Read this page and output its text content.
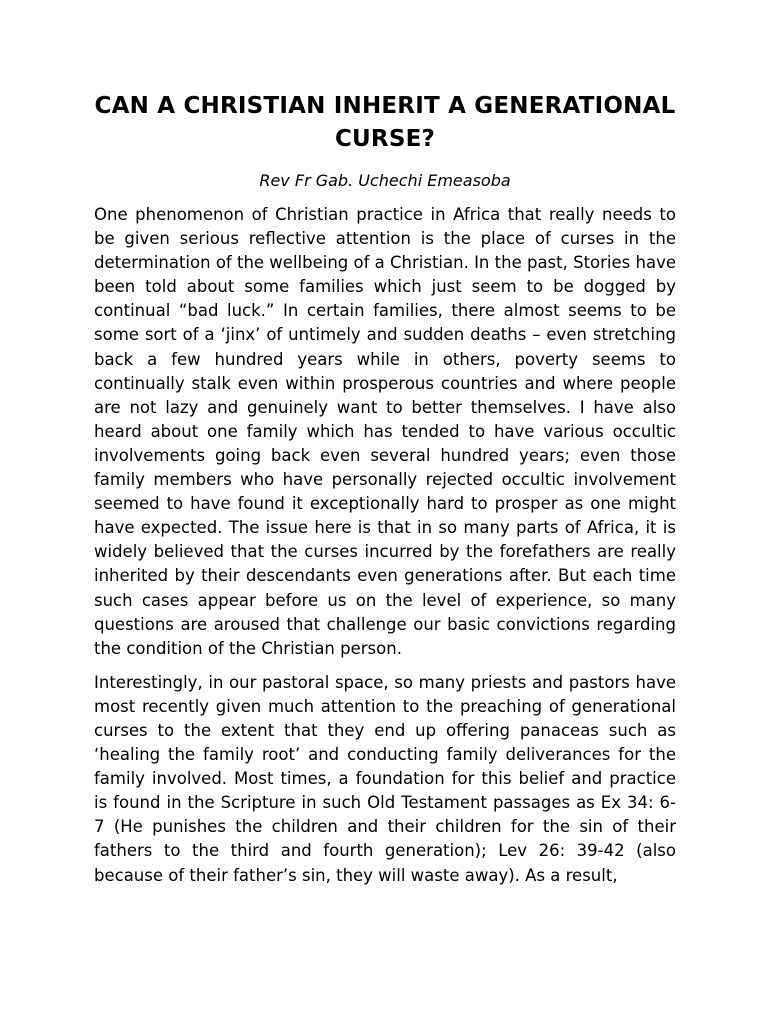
CAN A CHRISTIAN INHERIT A GENERATIONAL CURSE?
Rev Fr Gab. Uchechi Emeasoba

One phenomenon of Christian practice in Africa that really needs to be given serious reflective attention is the place of curses in the determination of the wellbeing of a Christian. In the past, Stories have been told about some families which just seem to be dogged by continual “bad luck.” In certain families, there almost seems to be some sort of a ‘jinx’ of untimely and sudden deaths – even stretching back a few hundred years while in others, poverty seems to continually stalk even within prosperous countries and where people are not lazy and genuinely want to better themselves. I have also heard about one family which has tended to have various occultic involvements going back even several hundred years; even those family members who have personally rejected occultic involvement seemed to have found it exceptionally hard to prosper as one might have expected. The issue here is that in so many parts of Africa, it is widely believed that the curses incurred by the forefathers are really inherited by their descendants even generations after. But each time such cases appear before us on the level of experience, so many questions are aroused that challenge our basic convictions regarding the condition of the Christian person.

Interestingly, in our pastoral space, so many priests and pastors have most recently given much attention to the preaching of generational curses to the extent that they end up offering panaceas such as ‘healing the family root’ and conducting family deliverances for the family involved. Most times, a foundation for this belief and practice is found in the Scripture in such Old Testament passages as Ex 34: 6-7 (He punishes the children and their children for the sin of their fathers to the third and fourth generation); Lev 26: 39-42 (also because of their father’s sin, they will waste away). As a result,
